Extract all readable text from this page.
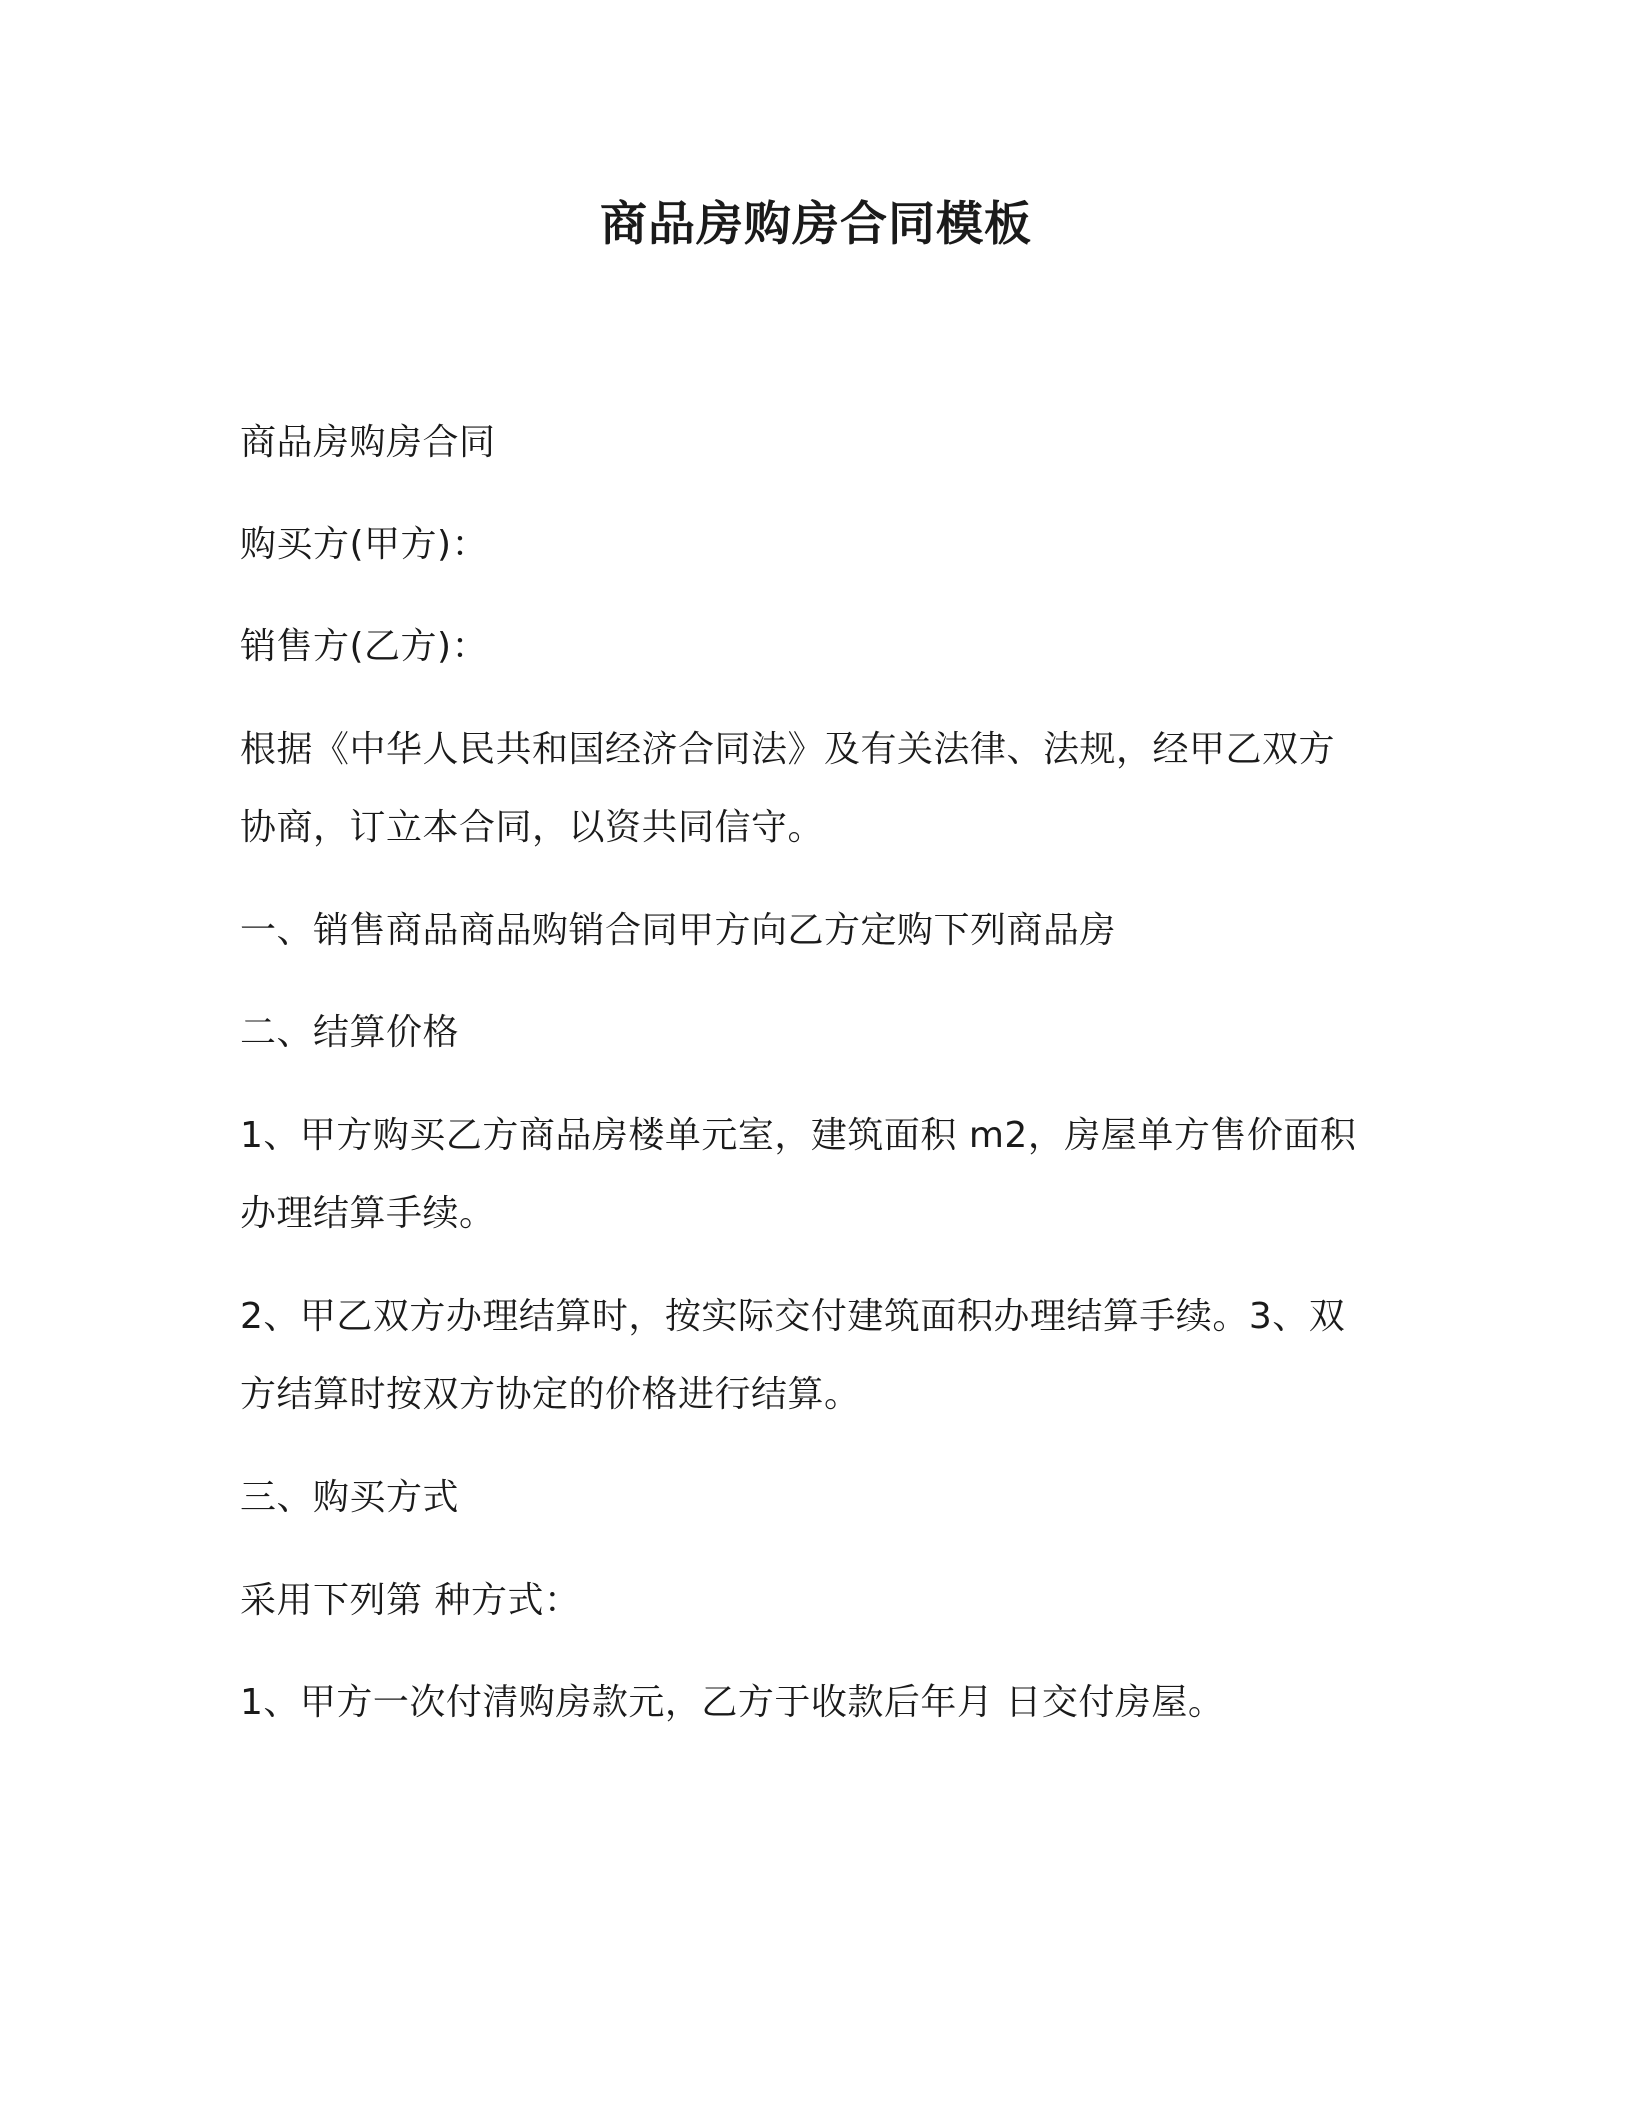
商品房购房合同模板

商品房购房合同

购买方(甲方)：

销售方(乙方)：

根据《中华人民共和国经济合同法》及有关法律、法规，经甲乙双方
协商，订立本合同，以资共同信守。

一、销售商品商品购销合同甲方向乙方定购下列商品房

二、结算价格

1、甲方购买乙方商品房楼单元室，建筑面积 m2，房屋单方售价面积
办理结算手续。

2、甲乙双方办理结算时，按实际交付建筑面积办理结算手续。3、双
方结算时按双方协定的价格进行结算。

三、购买方式

采用下列第 种方式：

1、甲方一次付清购房款元，乙方于收款后年月 日交付房屋。
